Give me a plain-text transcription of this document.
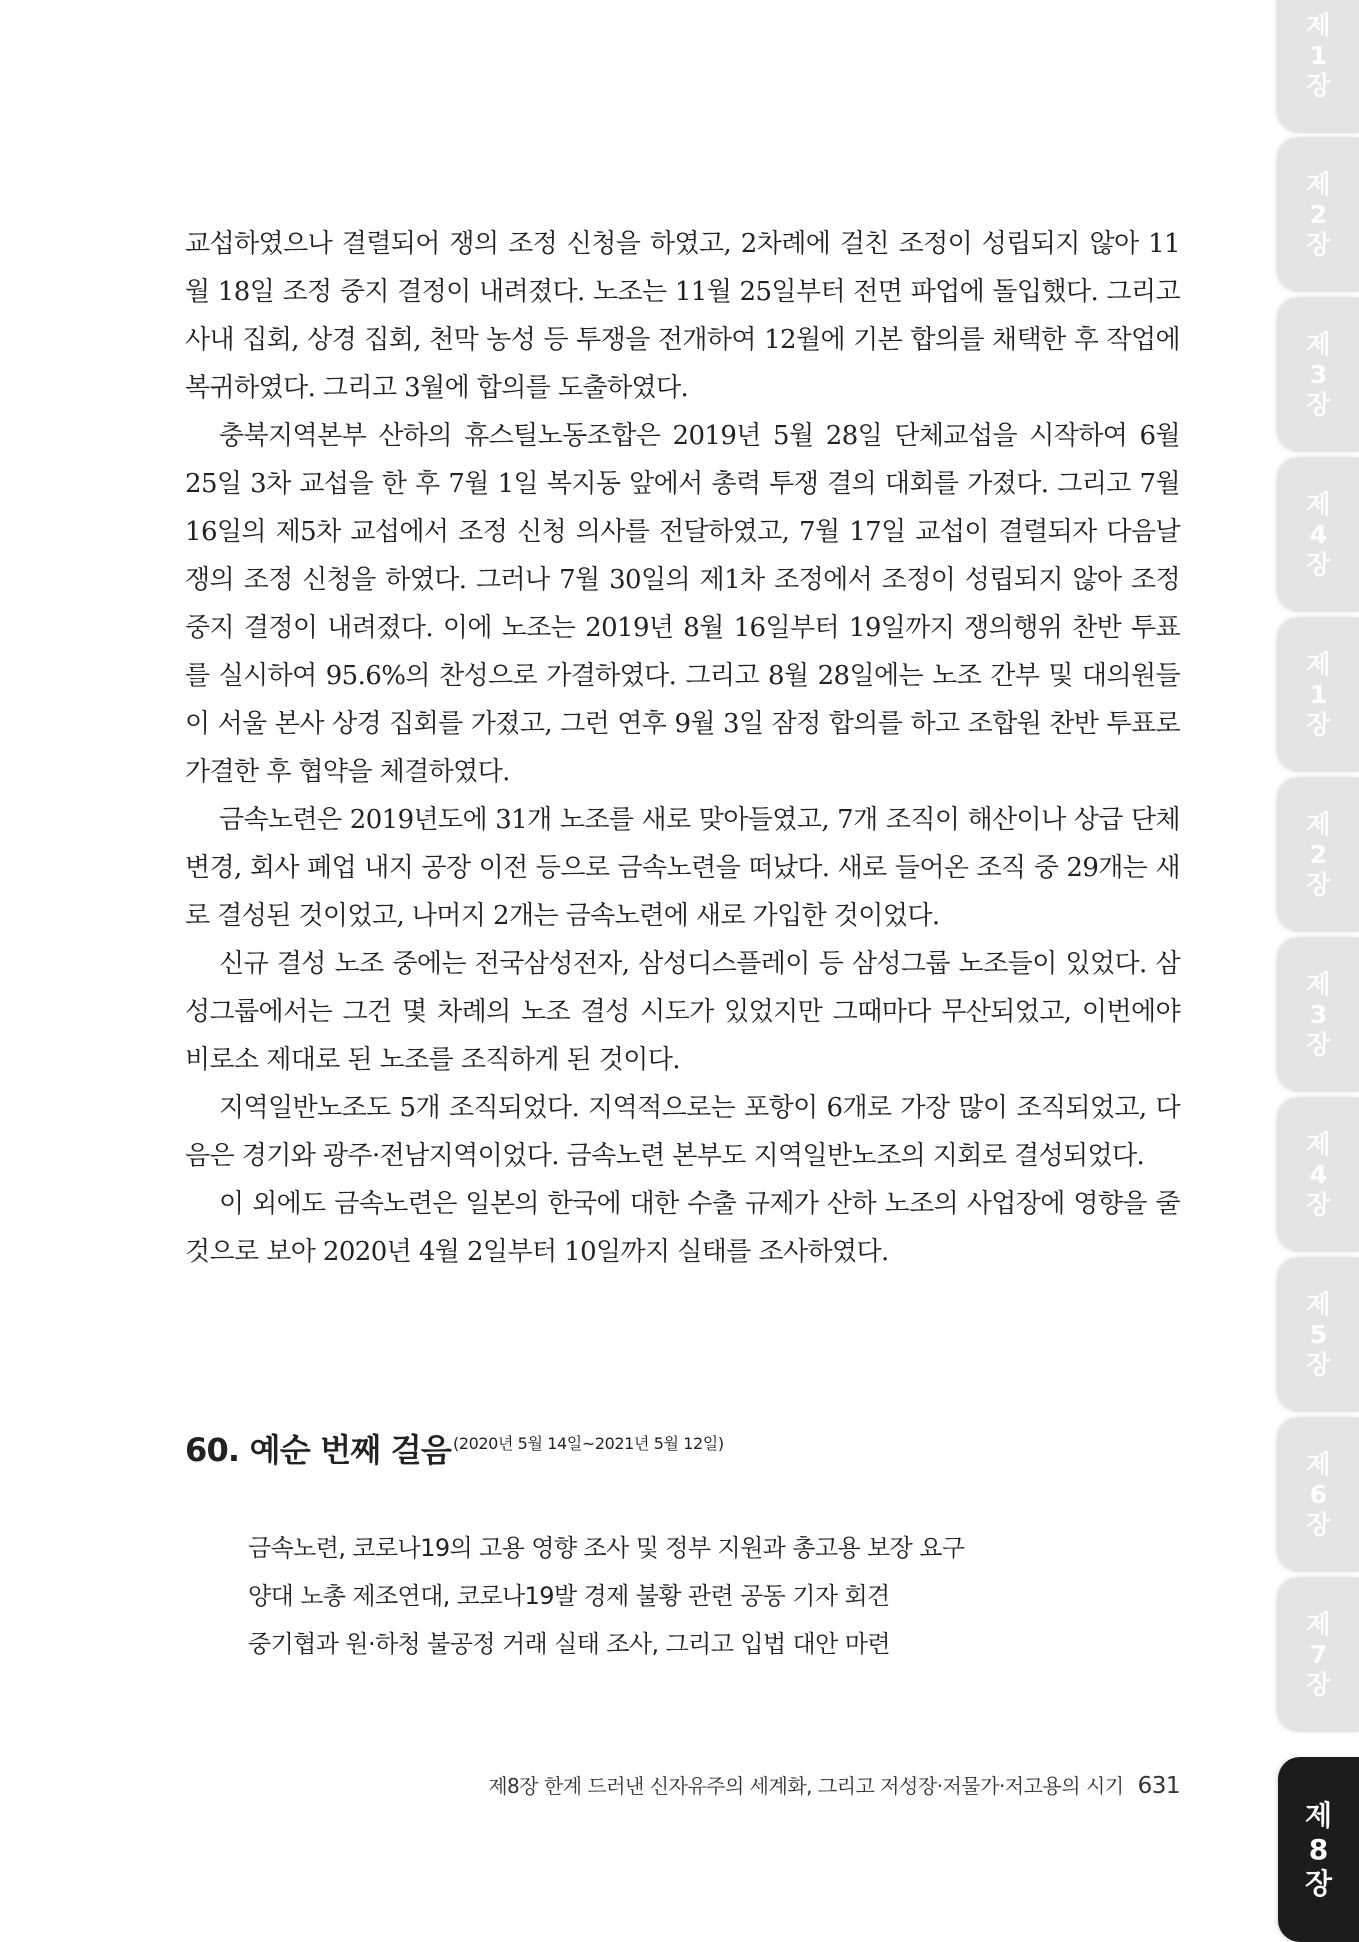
교섭하였으나 결렬되어 쟁의 조정 신청을 하였고, 2차례에 걸친 조정이 성립되지 않아 11월 18일 조정 중지 결정이 내려졌다. 노조는 11월 25일부터 전면 파업에 돌입했다. 그리고 사내 집회, 상경 집회, 천막 농성 등 투쟁을 전개하여 12월에 기본 합의를 채택한 후 작업에 복귀하였다. 그리고 3월에 합의를 도출하였다.

충북지역본부 산하의 휴스틸노동조합은 2019년 5월 28일 단체교섭을 시작하여 6월 25일 3차 교섭을 한 후 7월 1일 복지동 앞에서 총력 투쟁 결의 대회를 가졌다. 그리고 7월 16일의 제5차 교섭에서 조정 신청 의사를 전달하였고, 7월 17일 교섭이 결렬되자 다음날 쟁의 조정 신청을 하였다. 그러나 7월 30일의 제1차 조정에서 조정이 성립되지 않아 조정 중지 결정이 내려졌다. 이에 노조는 2019년 8월 16일부터 19일까지 쟁의행위 찬반 투표를 실시하여 95.6%의 찬성으로 가결하였다. 그리고 8월 28일에는 노조 간부 및 대의원들이 서울 본사 상경 집회를 가졌고, 그런 연후 9월 3일 잠정 합의를 하고 조합원 찬반 투표로 가결한 후 협약을 체결하였다.

금속노련은 2019년도에 31개 노조를 새로 맞아들였고, 7개 조직이 해산이나 상급 단체 변경, 회사 폐업 내지 공장 이전 등으로 금속노련을 떠났다. 새로 들어온 조직 중 29개는 새로 결성된 것이었고, 나머지 2개는 금속노련에 새로 가입한 것이었다.

신규 결성 노조 중에는 전국삼성전자, 삼성디스플레이 등 삼성그룹 노조들이 있었다. 삼성그룹에서는 그건 몇 차례의 노조 결성 시도가 있었지만 그때마다 무산되었고, 이번에야 비로소 제대로 된 노조를 조직하게 된 것이다.

지역일반노조도 5개 조직되었다. 지역적으로는 포항이 6개로 가장 많이 조직되었고, 다음은 경기와 광주·전남지역이었다. 금속노련 본부도 지역일반노조의 지회로 결성되었다.

이 외에도 금속노련은 일본의 한국에 대한 수출 규제가 산하 노조의 사업장에 영향을 줄 것으로 보아 2020년 4월 2일부터 10일까지 실태를 조사하였다.

60. 예순 번째 걸음 (2020년 5월 14일~2021년 5월 12일)
금속노련, 코로나19의 고용 영향 조사 및 정부 지원과 총고용 보장 요구
양대 노총 제조연대, 코로나19발 경제 불황 관련 공동 기자 회견
중기협과 원·하청 불공정 거래 실태 조사, 그리고 입법 대안 마련
제8장 한계 드러낸 신자유주의 세계화, 그리고 저성장·저물가·저고용의 시기 631
제
1
장
제
2
장
제
3
장
제
4
장
제
1
장
제
2
장
제
3
장
제
4
장
제
5
장
제
6
장
제
7
장
제
8
장
